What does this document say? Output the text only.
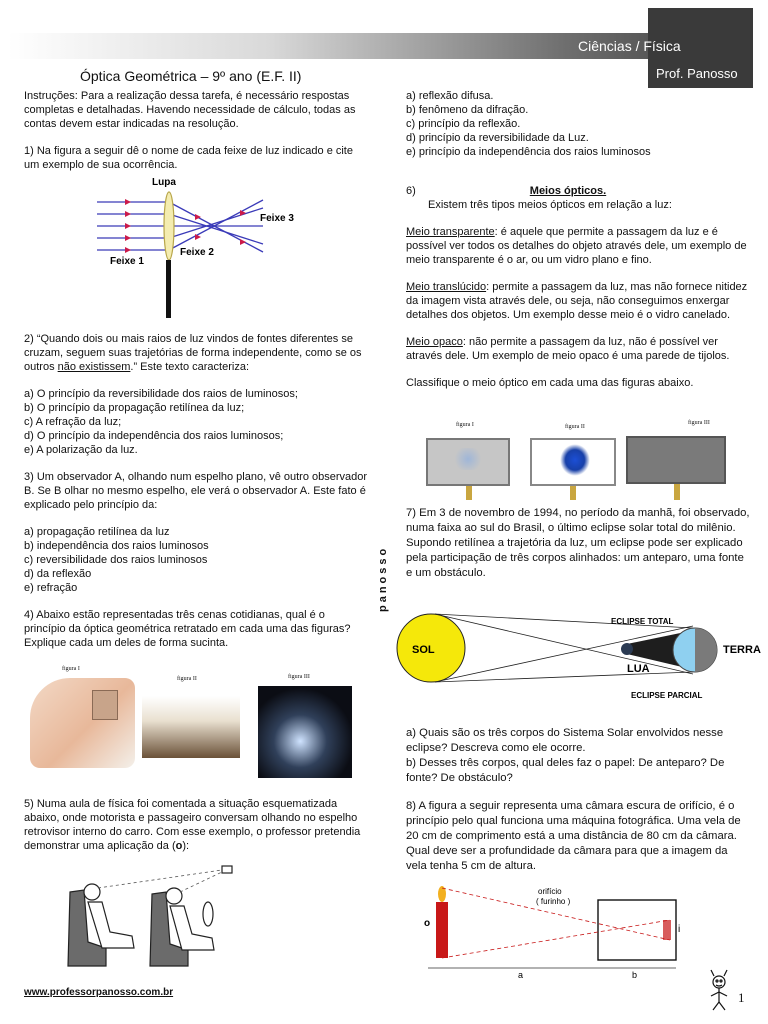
Ciências / Física
Prof. Panosso
Óptica Geométrica – 9º ano (E.F. II)

Instruções: Para a realização dessa tarefa, é necessário respostas completas e detalhadas. Havendo necessidade de cálculo, todas as contas devem estar indicadas na resolução.

1) Na figura a seguir dê o nome de cada feixe de luz indicado e cite um exemplo de sua ocorrência.

Lupa
Feixe 1
Feixe 2
Feixe 3

2) “Quando dois ou mais raios de luz vindos de fontes diferentes se cruzam, seguem suas trajetórias de forma independente, como se os outros não existissem.” Este texto caracteriza:

a) O princípio da reversibilidade dos raios de luminosos;

b) O princípio da propagação retilínea da luz;

c) A refração da luz;

d) O princípio da independência dos raios luminosos;

e) A polarização da luz.

3) Um observador A, olhando num espelho plano, vê outro observador B. Se B olhar no mesmo espelho, ele verá o observador A. Este fato é explicado pelo princípio da:

a) propagação retilínea da luz

b) independência dos raios luminosos

c) reversibilidade dos raios luminosos

d) da reflexão

e) refração

4) Abaixo estão representadas três cenas cotidianas, qual é o princípio da óptica geométrica retratado em cada uma das figuras? Explique cada um deles de forma sucinta.

figura I
figura II	figura III

5) Numa aula de física foi comentada a situação esquematizada abaixo, onde motorista e passageiro conversam olhando no espelho retrovisor interno do carro. Com esse exemplo, o professor pretendia demonstrar uma aplicação da (o):

panosso

a) reflexão difusa.

b) fenômeno da difração.

c) princípio da reflexão.

d) princípio da reversibilidade da Luz.

e) princípio da independência dos raios luminosos

6)	Meios ópticos.

Existem três tipos meios ópticos em relação a luz:

Meio transparente: é aquele que permite a passagem da luz e é possível ver todos os detalhes do objeto através dele, um exemplo de meio transparente é o ar, ou um vidro plano e fino.

Meio translúcido: permite a passagem da luz, mas não fornece nitidez da imagem vista através dele, ou seja, não conseguimos enxergar detalhes dos objetos. Um exemplo desse meio é o vidro canelado.

Meio opaco: não permite a passagem da luz, não é possível ver através dele. Um exemplo de meio opaco é uma parede de tijolos.

Classifique o meio óptico em cada uma das figuras abaixo.

figura I	figura II
figura III

7) Em 3 de novembro de 1994, no período da manhã, foi observado, numa faixa ao sul do Brasil, o último eclipse solar total do milênio. Supondo retilínea a trajetória da luz, um eclipse pode ser explicado pela participação de três corpos alinhados: um anteparo, uma fonte e um obstáculo.

SOL
ECLIPSE TOTAL
LUA
TERRA
ECLIPSE PARCIAL

a) Quais são os três corpos do Sistema Solar envolvidos nesse eclipse? Descreva como ele ocorre.

b) Desses três corpos, qual deles faz o papel: De anteparo? De fonte? De obstáculo?

8) A figura a seguir representa uma câmara escura de orifício, é o princípio pelo qual funciona uma máquina fotográfica. Uma vela de 20 cm de comprimento está a uma distância de 80 cm da câmara. Qual deve ser a profundidade da câmara para que a imagem da vela tenha 5 cm de altura.

orifício
( furinho )
o
i
a	b
www.professorpanosso.com.br	1
